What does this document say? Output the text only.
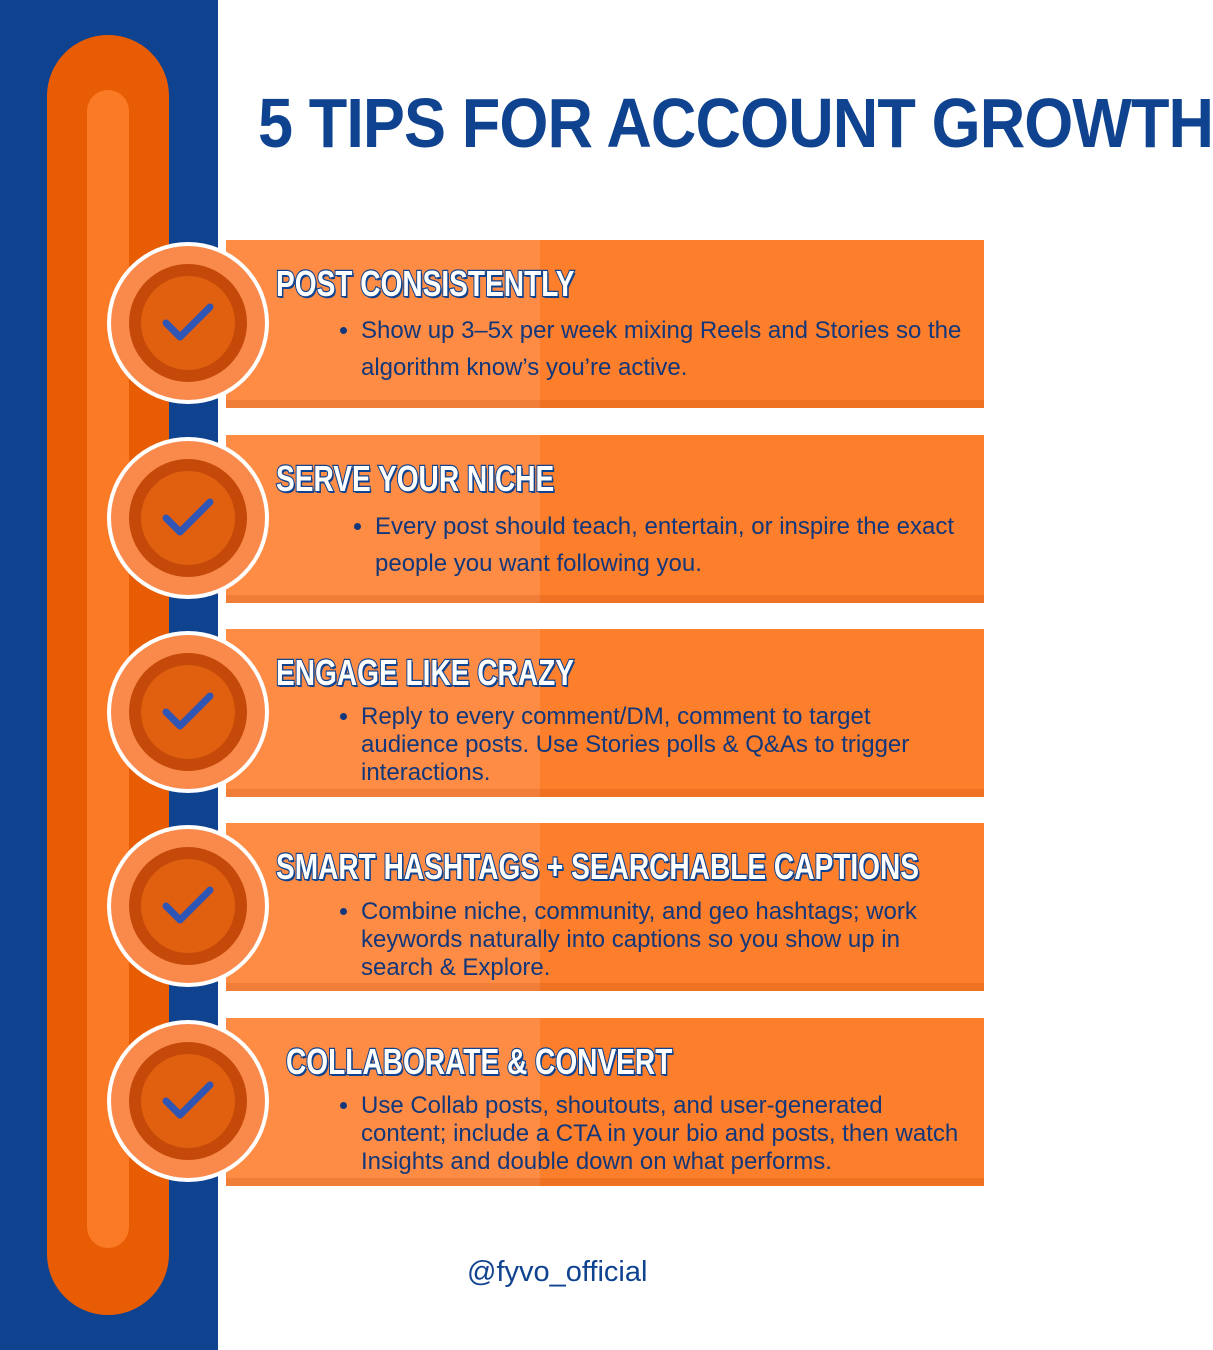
5 TIPS FOR ACCOUNT GROWTH
POST CONSISTENTLY
• Show up 3–5x per week mixing Reels and Stories so the algorithm know’s you’re active.
SERVE YOUR NICHE
• Every post should teach, entertain, or inspire the exact people you want following you.
ENGAGE LIKE CRAZY
• Reply to every comment/DM, comment to target audience posts. Use Stories polls & Q&As to trigger interactions.
SMART HASHTAGS + SEARCHABLE CAPTIONS
• Combine niche, community, and geo hashtags; work keywords naturally into captions so you show up in search & Explore.
COLLABORATE & CONVERT
• Use Collab posts, shoutouts, and user-generated content; include a CTA in your bio and posts, then watch Insights and double down on what performs.

@fyvo_official
